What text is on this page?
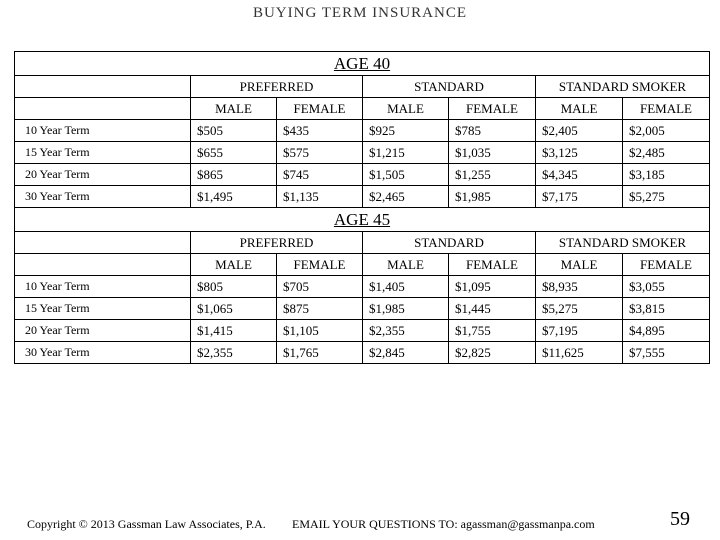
BUYING TERM INSURANCE
AGE 40						
	PREFERRED		STANDARD		STANDARD SMOKER	
	MALE	FEMALE	MALE	FEMALE	MALE	FEMALE
10 Year Term	$505	$435	$925	$785	$2,405	$2,005
15 Year Term	$655	$575	$1,215	$1,035	$3,125	$2,485
20 Year Term	$865	$745	$1,505	$1,255	$4,345	$3,185
30 Year Term	$1,495	$1,135	$2,465	$1,985	$7,175	$5,275
AGE 45						
	PREFERRED		STANDARD		STANDARD SMOKER	
	MALE	FEMALE	MALE	FEMALE	MALE	FEMALE
10 Year Term	$805	$705	$1,405	$1,095	$8,935	$3,055
15 Year Term	$1,065	$875	$1,985	$1,445	$5,275	$3,815
20 Year Term	$1,415	$1,105	$2,355	$1,755	$7,195	$4,895
30 Year Term	$2,355	$1,765	$2,845	$2,825	$11,625	$7,555
Copyright © 2013 Gassman Law Associates, P.A. EMAIL YOUR QUESTIONS TO: agassman@gassmanpa.com	59
